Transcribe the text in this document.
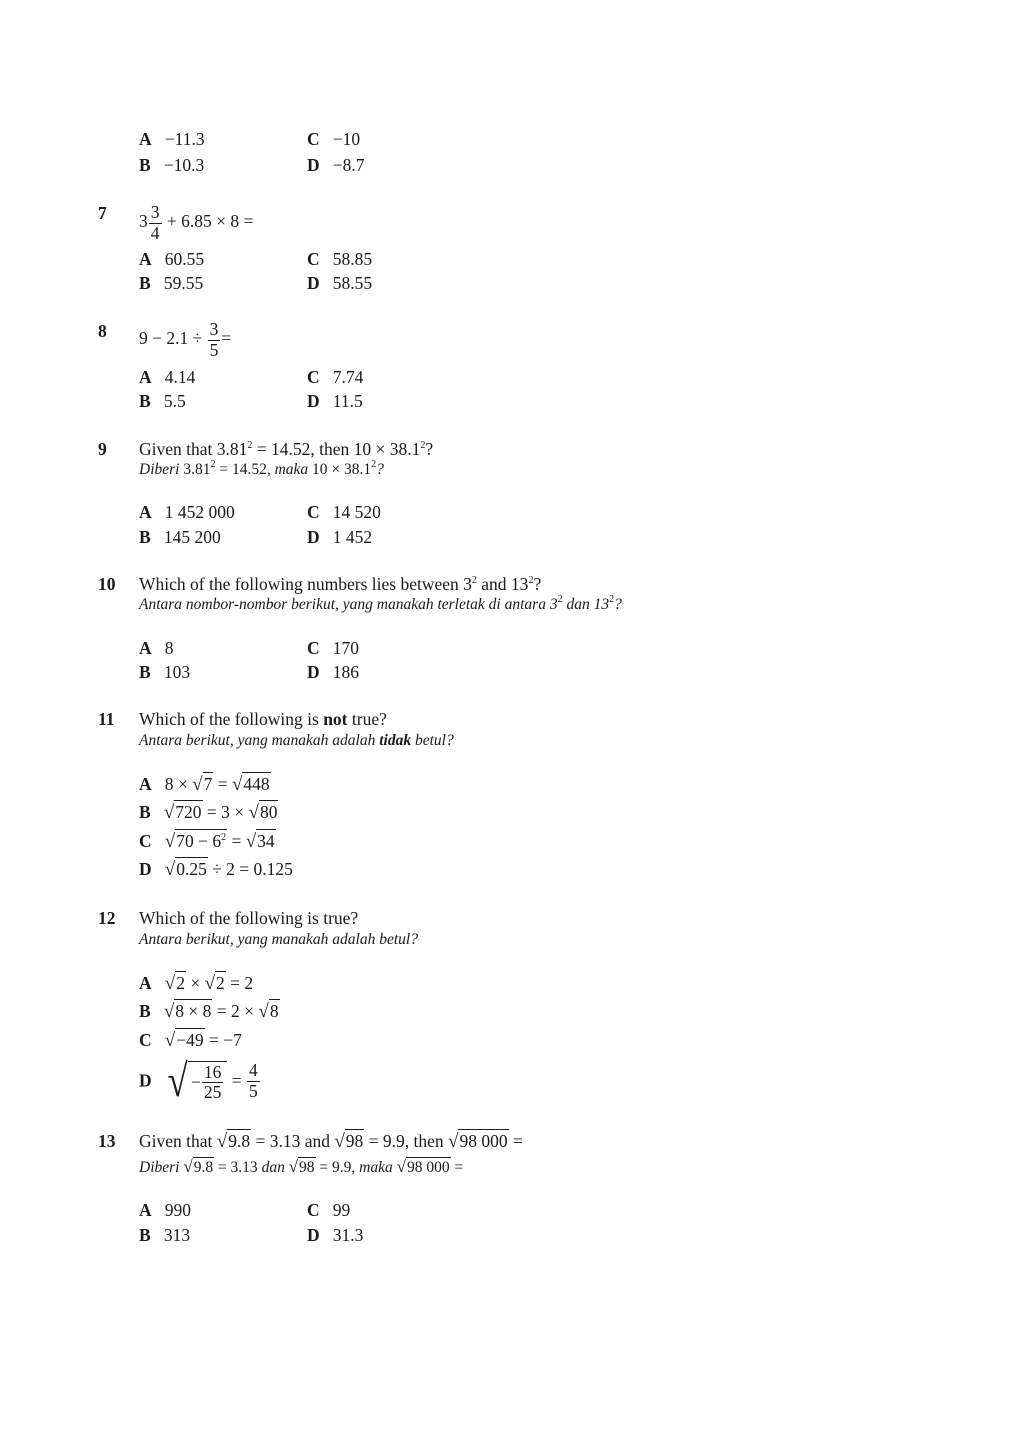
A −11.3
B −10.3
C −10
D −8.7
7 $3 \frac{3}{4} + 6.85 \times 8$ =
A 60.55
B 59.55
C 58.85
D 58.55
8 $9 - 2.1 \div \frac{3}{5}$ =
A 4.14
B 5.5
C 7.74
D 11.5
9 Given that $3.81^2 = 14.52$, then $10 \times 38.1^2$?
Diberi $3.81^2 = 14.52$, maka $10 \times 38.1^2$?
A 1 452 000
B 145 200
C 14 520
D 1 452
10 Which of the following numbers lies between $3^2$ and $13^2$?
Antara nombor-nombor berikut, yang manakah terletak di antara $3^2$ dan $13^2$?
A 8
B 103
C 170
D 186
11 Which of the following is not true?
Antara berikut, yang manakah adalah tidak betul?
A 8 × √7 = √448
B √720 = 3 × √80
C $√70 - 6^2 = √34$
D √0.25 ÷ 2 = 0.125
12 Which of the following is true?
Antara berikut, yang manakah adalah betul?
A √2 × √2 = 2
B √8 × 8 = 2 × √8
C √−49 = −7
D √ − $\frac{16}{25} = \frac{4}{5}$
13 Given that √9.8 = 3.13 and √98 = 9.9, then √98 000 =
Diberi √9.8 = 3.13 dan √98 = 9.9, maka √98 000 =
A 990
B 313
C 99
D 31.3
